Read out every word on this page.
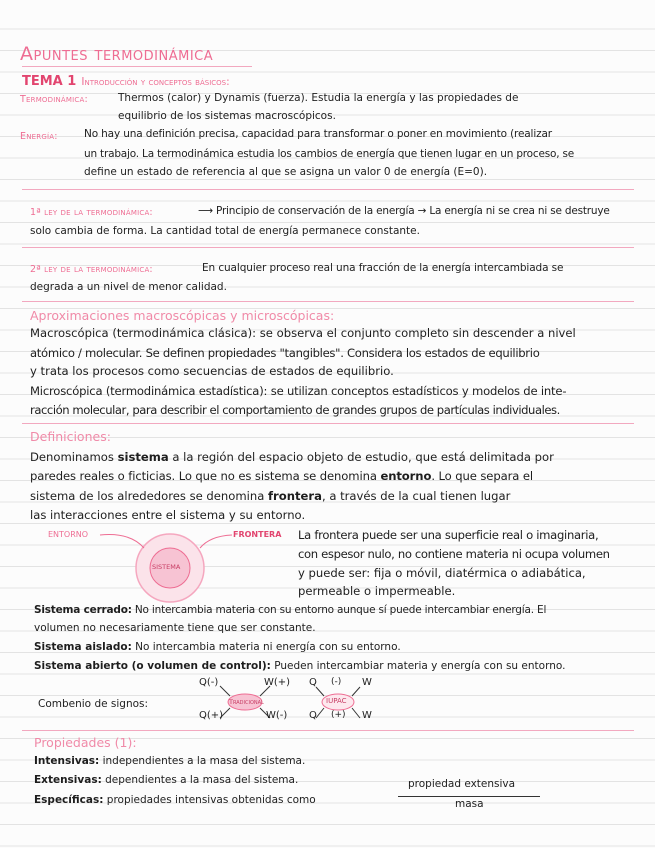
Apuntes termodinámica
TEMA 1 Introducción y conceptos básicos:
Termodinámica:	Thermos (calor) y Dynamis (fuerza). Estudia la energía y las propiedades de
equilibrio de los sistemas macroscópicos.
Energía:	No hay una definición precisa, capacidad para transformar o poner en movimiento (realizar
un trabajo. La termodinámica estudia los cambios de energía que tienen lugar en un proceso, se
define un estado de referencia al que se asigna un valor 0 de energía (E=0).
1ª ley de la termodinámica:	⟶ Principio de conservación de la energía → La energía ni se crea ni se destruye
solo cambia de forma. La cantidad total de energía permanece constante.
2ª ley de la termodinámica:	En cualquier proceso real una fracción de la energía intercambiada se
degrada a un nivel de menor calidad.
Aproximaciones macroscópicas y microscópicas:
Macroscópica (termodinámica clásica): se observa el conjunto completo sin descender a nivel
atómico / molecular. Se definen propiedades "tangibles". Considera los estados de equilibrio
y trata los procesos como secuencias de estados de equilibrio.
Microscópica (termodinámica estadística): se utilizan conceptos estadísticos y modelos de inte-
racción molecular, para describir el comportamiento de grandes grupos de partículas individuales.
Definiciones:
Denominamos sistema a la región del espacio objeto de estudio, que está delimitada por
paredes reales o ficticias. Lo que no es sistema se denomina entorno. Lo que separa el
sistema de los alrededores se denomina frontera, a través de la cual tienen lugar
las interacciones entre el sistema y su entorno.
ENTORNO	FRONTERA
SISTEMA
La frontera puede ser una superficie real o imaginaria,
con espesor nulo, no contiene materia ni ocupa volumen
y puede ser: fija o móvil, diatérmica o adiabática,
permeable o impermeable.
Sistema cerrado: No intercambia materia con su entorno aunque sí puede intercambiar energía. El
volumen no necesariamente tiene que ser constante.
Sistema aislado: No intercambia materia ni energía con su entorno.
Sistema abierto (o volumen de control): Pueden intercambiar materia y energía con su entorno.
Combenio de signos:	Tradicional	IUPAC
Q(-)	W(+)
Q(+)	W(-)
Q (-) W
Q (+) W
Propiedades (1):
Intensivas: independientes a la masa del sistema.
Extensivas: dependientes a la masa del sistema.
Específicas: propiedades intensivas obtenidas como
propiedad extensiva
masa
